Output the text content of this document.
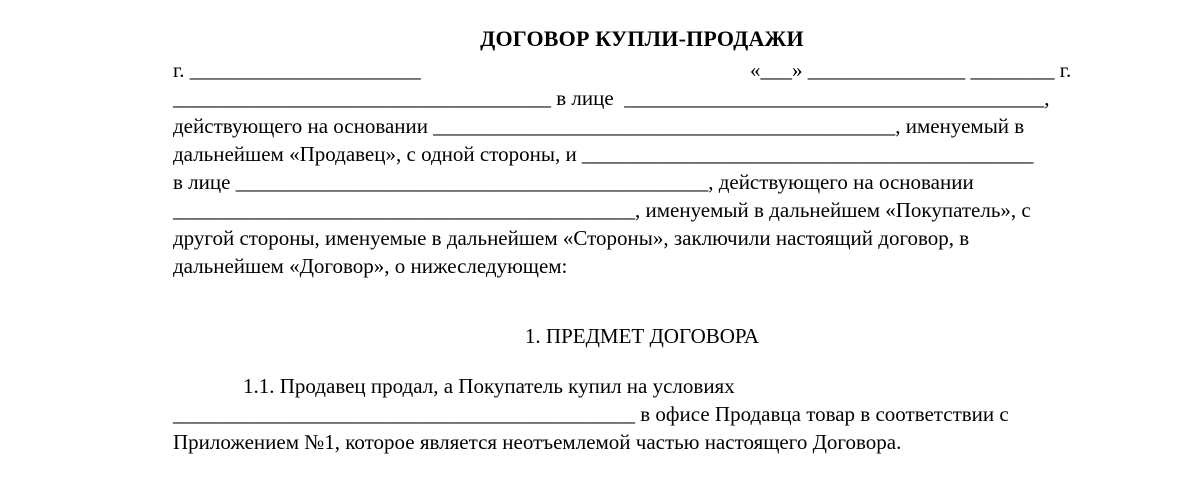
ДОГОВОР КУПЛИ-ПРОДАЖИ
г. ______________________	«___» _______________ ________ г.
____________________________________ в лице  ________________________________________,
действующего на основании ____________________________________________, именуемый в
дальнейшем «Продавец», с одной стороны, и ___________________________________________
в лице _____________________________________________, действующего на основании
____________________________________________, именуемый в дальнейшем «Покупатель», с
другой стороны, именуемые в дальнейшем «Стороны», заключили настоящий договор, в
дальнейшем «Договор», о нижеследующем:
1. ПРЕДМЕТ ДОГОВОРА
1.1. Продавец продал, а Покупатель купил на условиях
____________________________________________ в офисе Продавца товар в соответствии с
Приложением №1, которое является неотъемлемой частью настоящего Договора.
